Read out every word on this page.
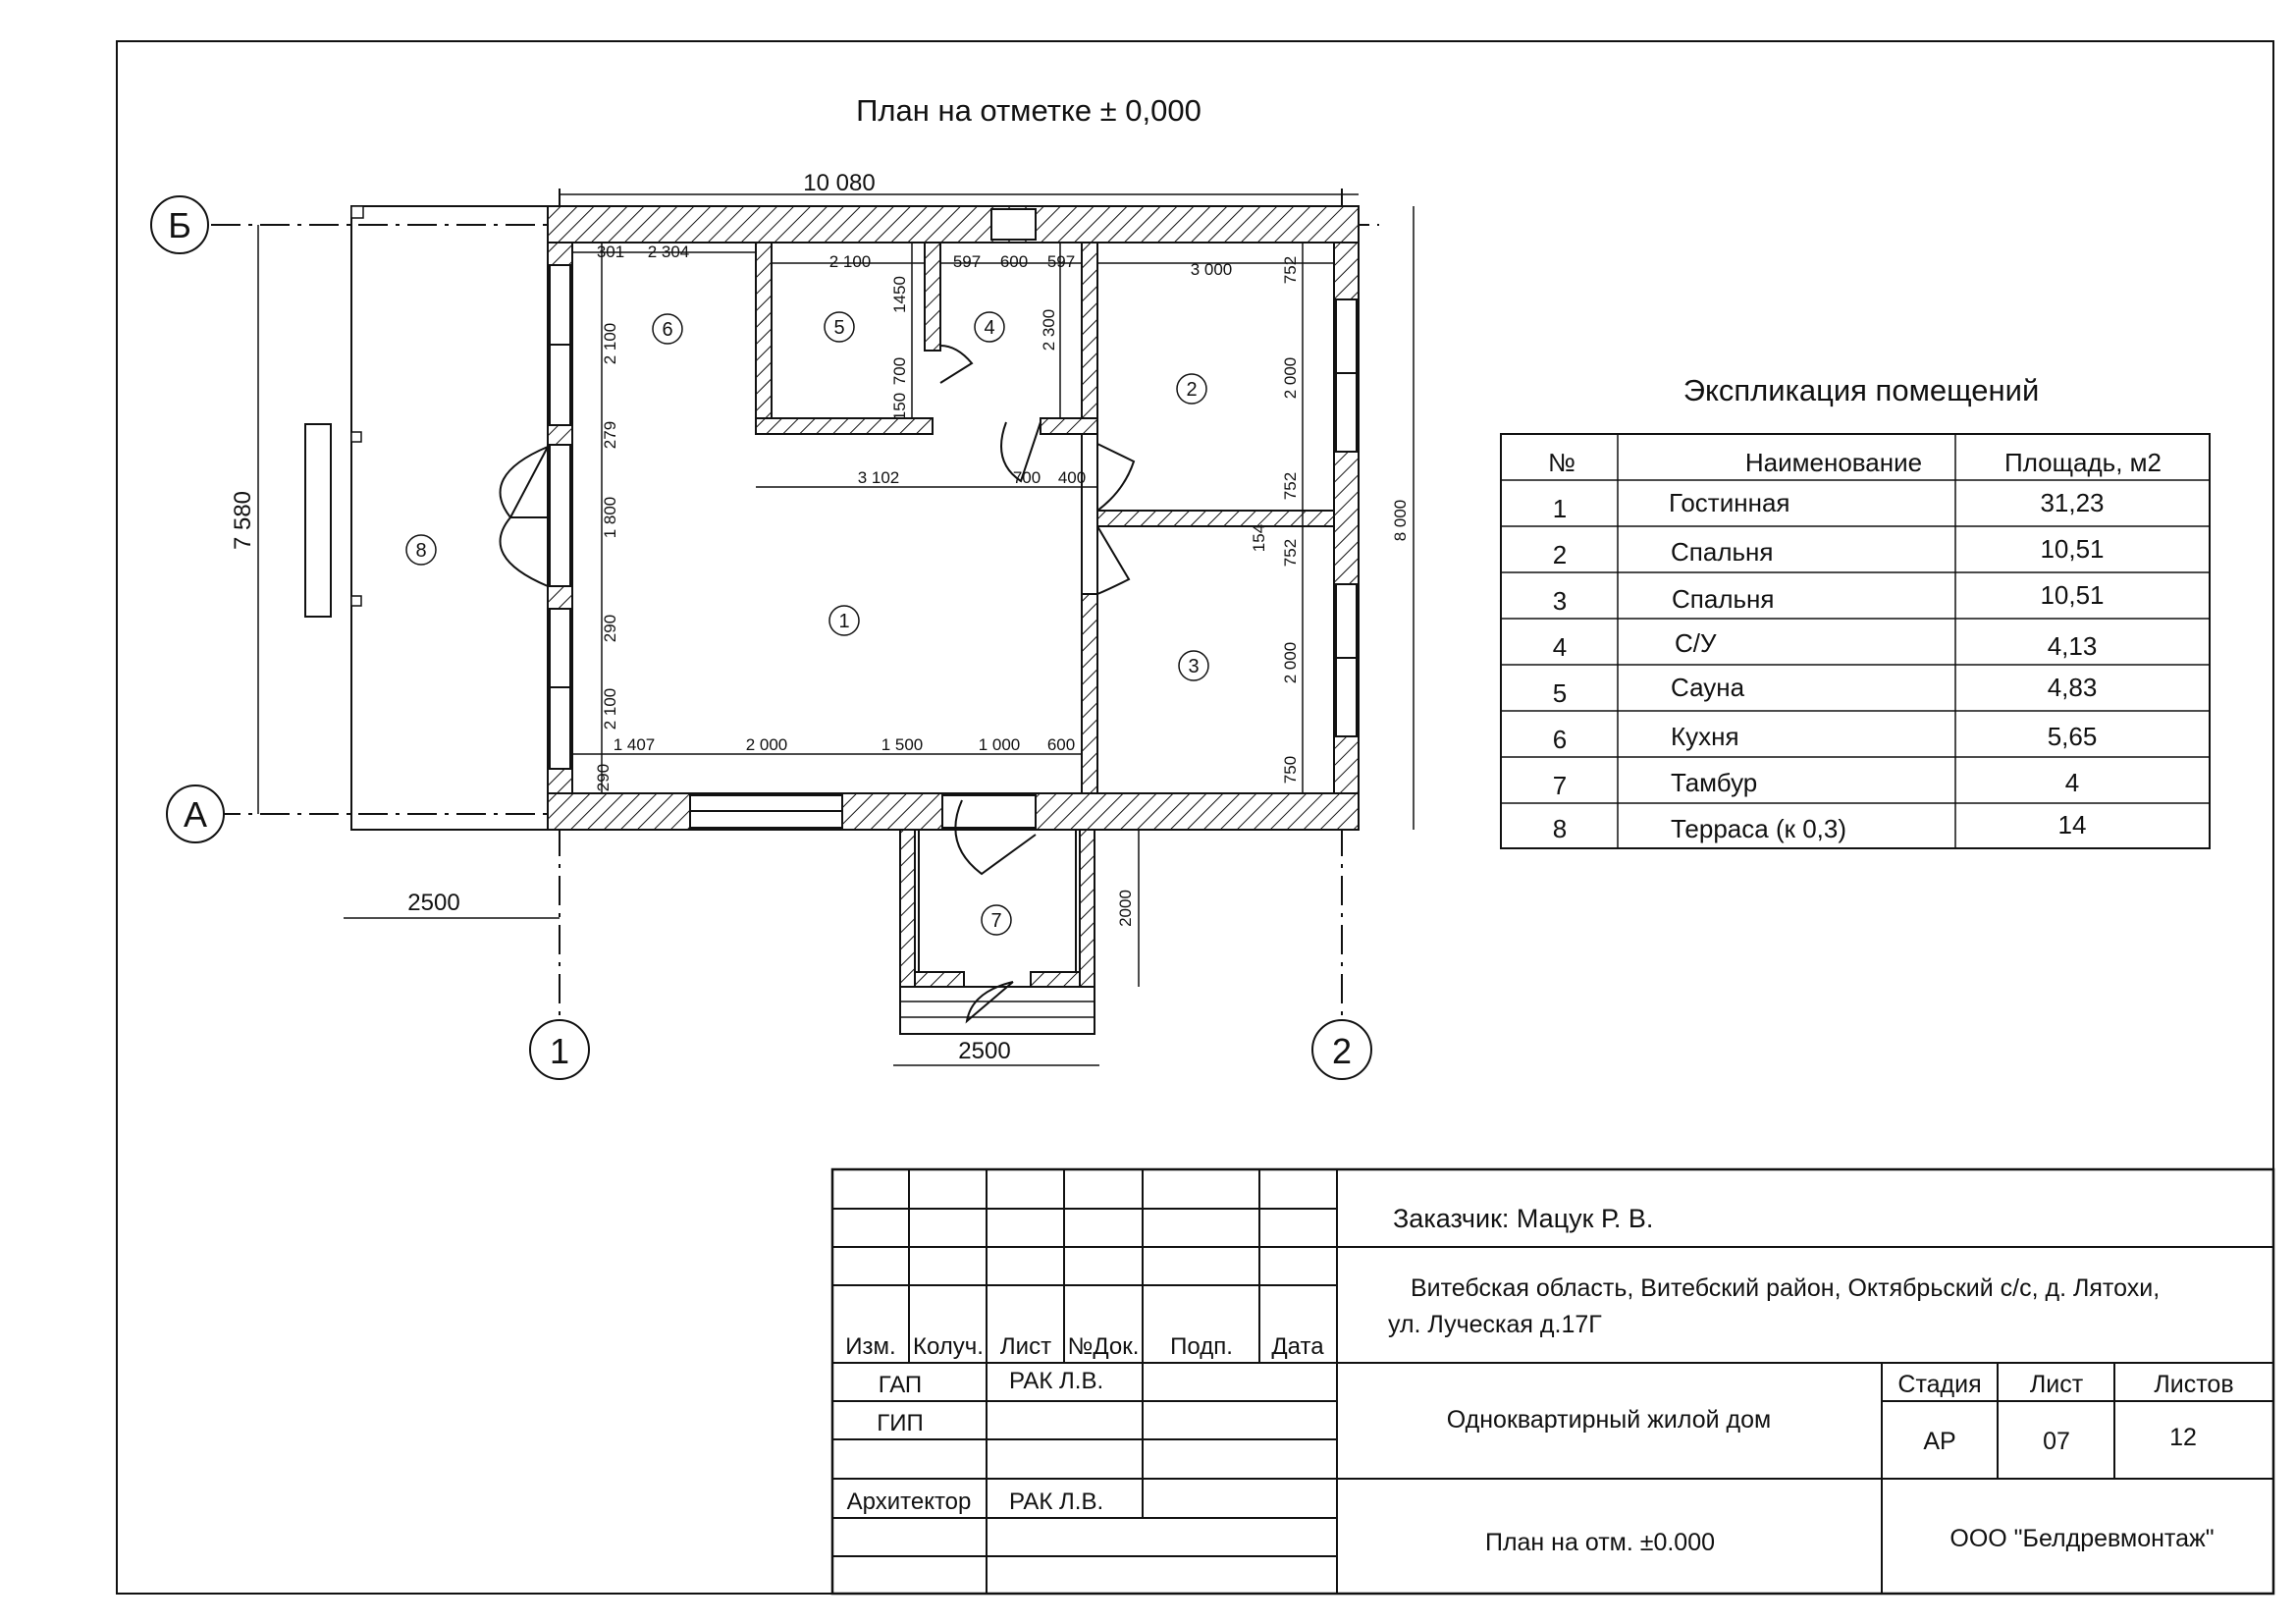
План на отметке ± 0,000
Б
А
1	2
1
2
3
4
5
6
7
8
10 080
7 580	8 000
2500
2500
2000
301 2 304
2 100	597 600 597	3 000	752
2 100
279
1 800
290
2 100
290
3 102	700 400
1450
150
700
2 300
1 407	2 000	1 500	1 000 600
2 000
752
154
752
2 000
750
Экспликация помещений
№	Наименование	Площадь, м2
1	Гостинная	31,23
2	Спальня	10,51
3	Спальня	10,51
4	С/У	4,13
5	Сауна	4,83
6	Кухня	5,65
7	Тамбур	4
8	Терраса (к 0,3)	14
Изм. Колуч. Лист №Док. Подп. Дата
ГАП	РАК Л.В.
ГИП
Архитектор РАК Л.В.
Заказчик: Мацук Р. В.
Витебская область, Витебский район, Октябрьский с/с, д. Лятохи,
ул. Луческая д.17Г
Одноквартирный жилой дом
План на отм. ±0.000
Стадия Лист	Листов
АР	07	12
ООО "Белдревмонтаж"
